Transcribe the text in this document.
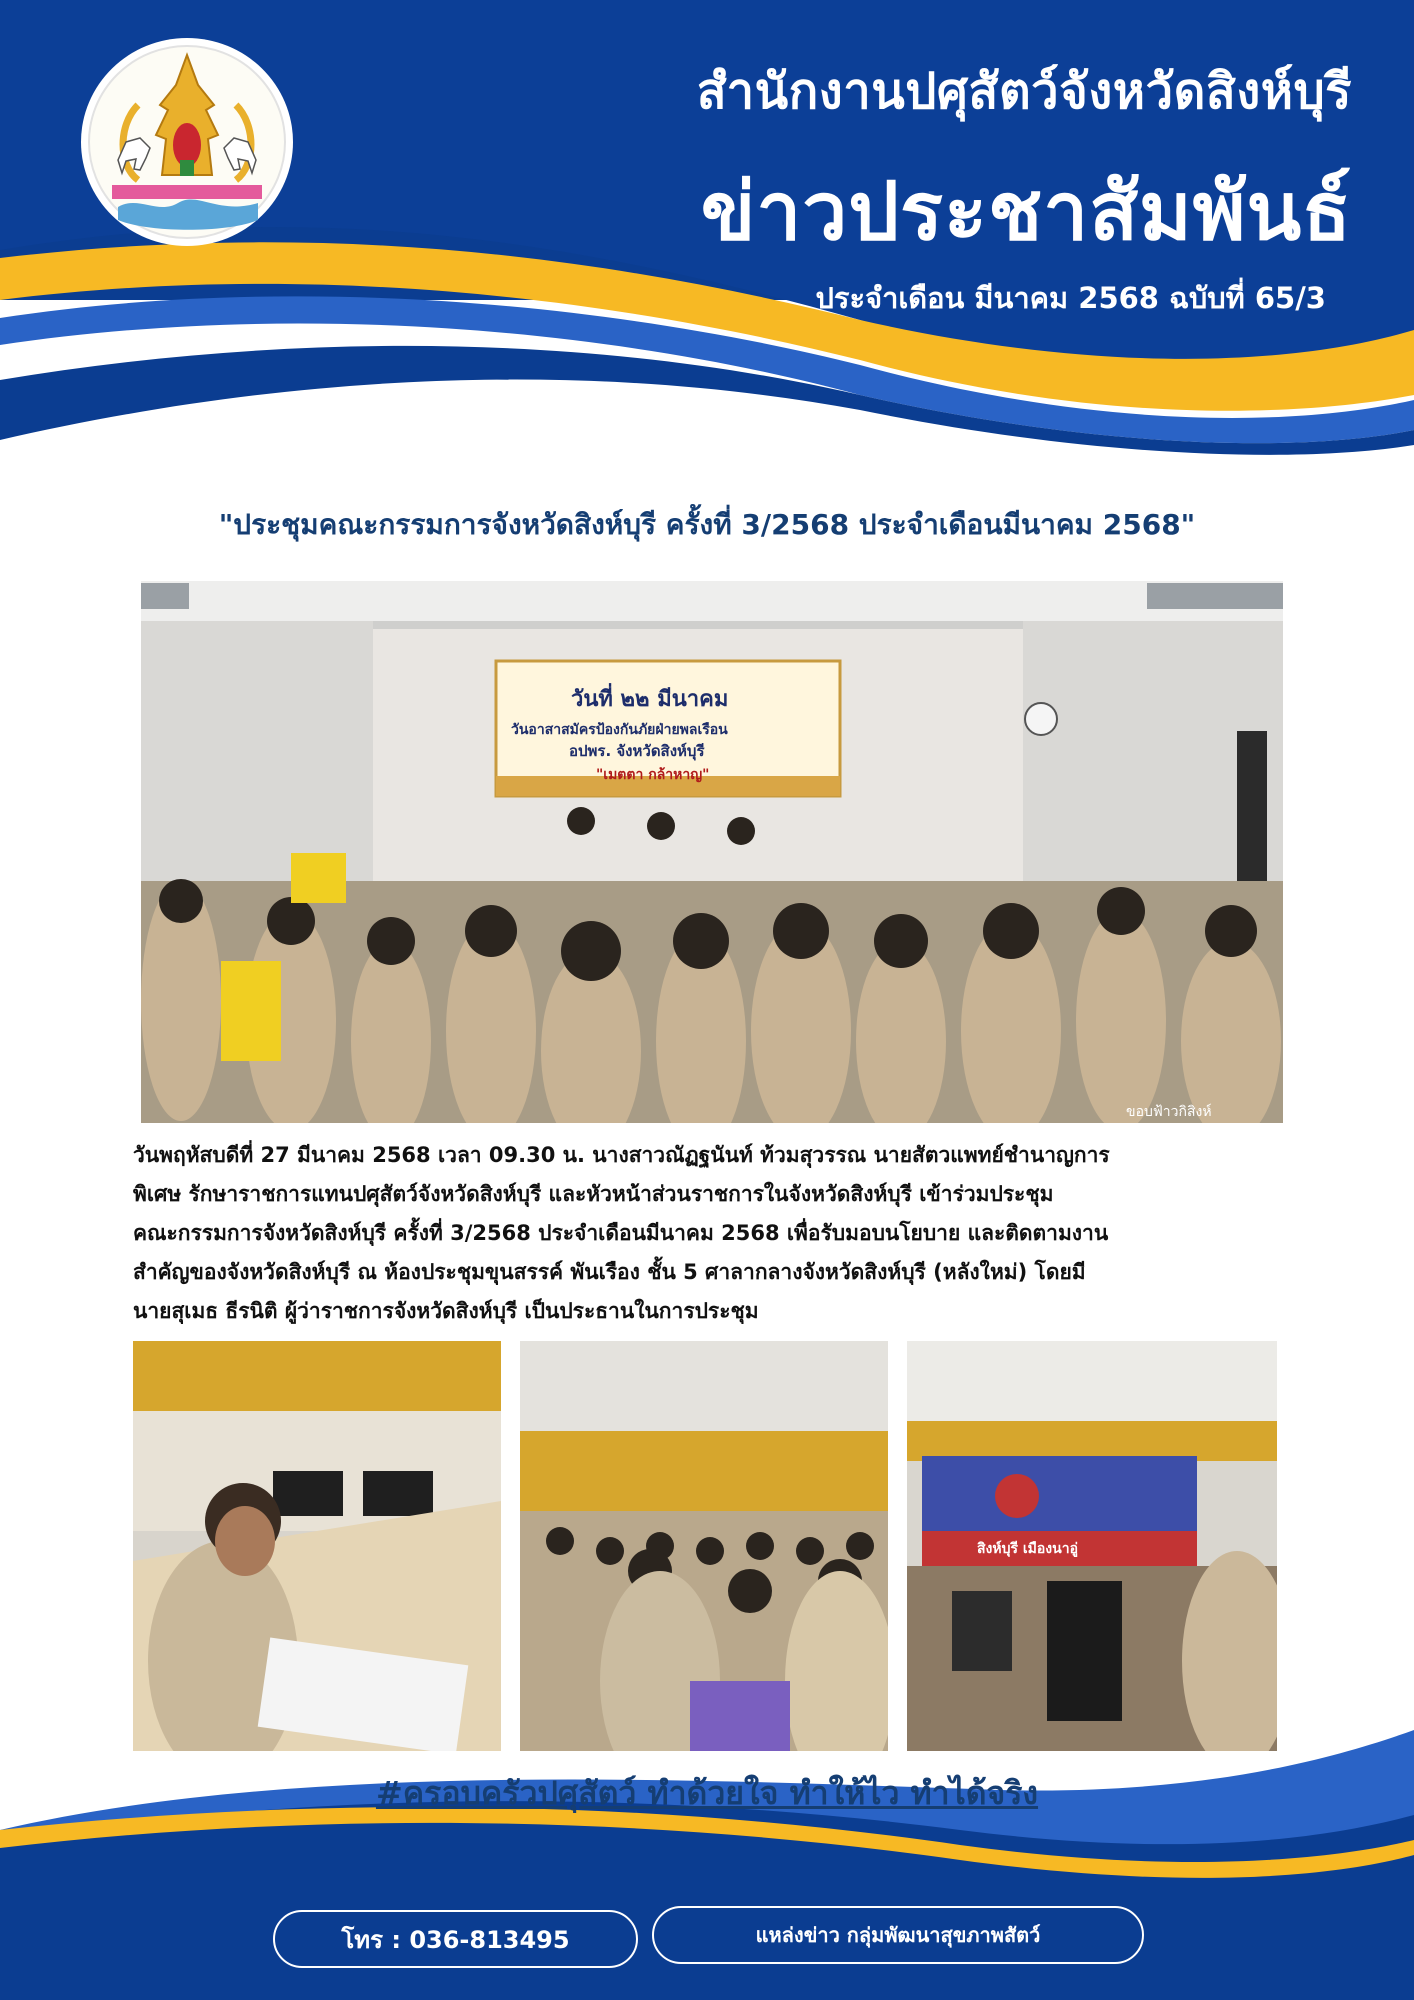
สำนักงานปศุสัตว์จังหวัดสิงห์บุรี
ข่าวประชาสัมพันธ์
ประจำเดือน มีนาคม 2568 ฉบับที่ 65/3
"ประชุมคณะกรรมการจังหวัดสิงห์บุรี ครั้งที่ 3/2568 ประจำเดือนมีนาคม 2568"
วันที่ ๒๒ มีนาคม
วันอาสาสมัครป้องกันภัยฝ่ายพลเรือน
อปพร. จังหวัดสิงห์บุรี
"เมตตา กล้าหาญ"
ขอบฟ้าวกิสิงห์
วันพฤหัสบดีที่ 27 มีนาคม 2568 เวลา 09.30 น. นางสาวณัฏฐนันท์ ท้วมสุวรรณ นายสัตวแพทย์ชำนาญการ
พิเศษ รักษาราชการแทนปศุสัตว์จังหวัดสิงห์บุรี และหัวหน้าส่วนราชการในจังหวัดสิงห์บุรี เข้าร่วมประชุม
คณะกรรมการจังหวัดสิงห์บุรี ครั้งที่ 3/2568 ประจำเดือนมีนาคม 2568 เพื่อรับมอบนโยบาย และติดตามงาน
สำคัญของจังหวัดสิงห์บุรี ณ ห้องประชุมขุนสรรค์ พันเรือง ชั้น 5 ศาลากลางจังหวัดสิงห์บุรี (หลังใหม่) โดยมี
นายสุเมธ ธีรนิติ ผู้ว่าราชการจังหวัดสิงห์บุรี เป็นประธานในการประชุม
สิงห์บุรี เมืองนาอู่
#ครอบครัวปศุสัตว์ ทำด้วยใจ ทำให้ไว ทำได้จริง
โทร : 036-813495	แหล่งข่าว กลุ่มพัฒนาสุขภาพสัตว์
